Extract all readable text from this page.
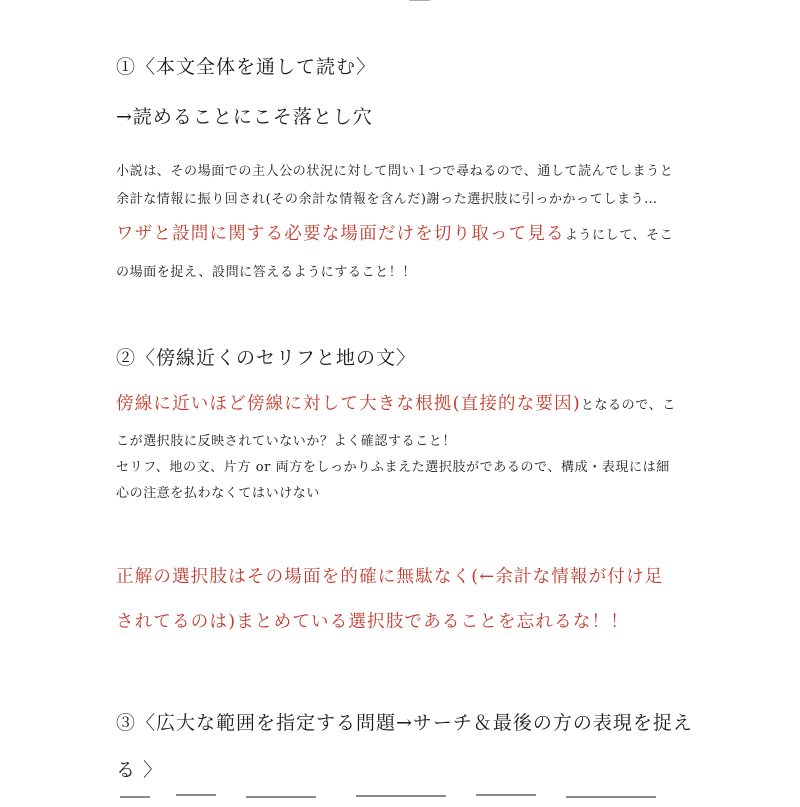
①〈本文全体を通して読む〉
→読めることにこそ落とし穴
小説は、その場面での主人公の状況に対して問い１つで尋ねるので、通して読んでしまうと
余計な情報に振り回され(その余計な情報を含んだ)謝った選択肢に引っかかってしまう…
ワザと設問に関する必要な場面だけを切り取って見るようにして、そこ
の場面を捉え、設問に答えるようにすること！！
②〈傍線近くのセリフと地の文〉
傍線に近いほど傍線に対して大きな根拠(直接的な要因)となるので、こ
こが選択肢に反映されていないか？よく確認すること！
セリフ、地の文、片方 or 両方をしっかりふまえた選択肢がであるので、構成・表現には細
心の注意を払わなくてはいけない
正解の選択肢はその場面を的確に無駄なく(←余計な情報が付け足
されてるのは)まとめている選択肢であることを忘れるな！！
③〈広大な範囲を指定する問題→サーチ＆最後の方の表現を捉え
る 〉
